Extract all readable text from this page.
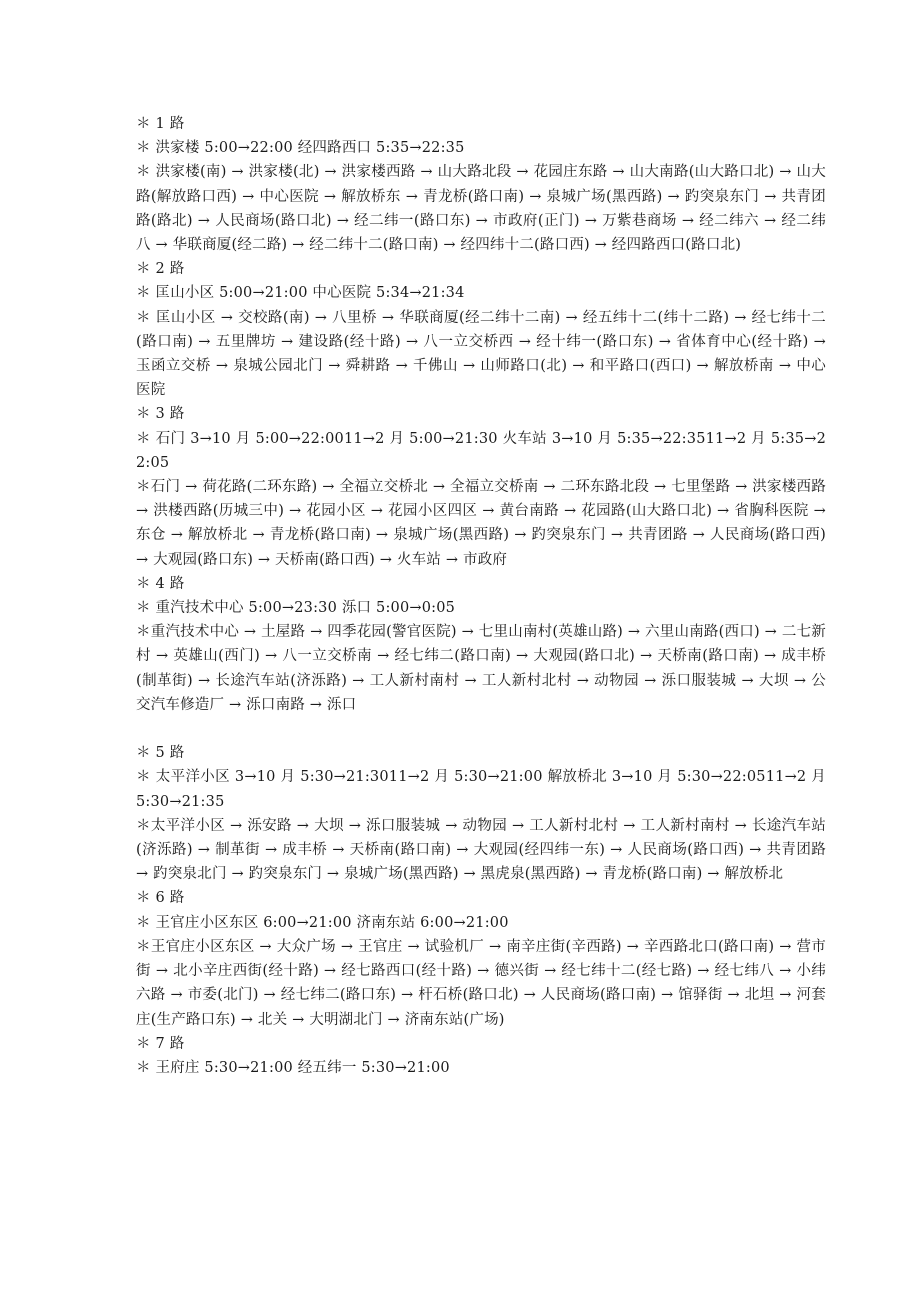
＊ 1 路

＊ 洪家楼 5:00→22:00 经四路西口 5:35→22:35

＊ 洪家楼(南) → 洪家楼(北) → 洪家楼西路 → 山大路北段 → 花园庄东路 → 山大南路(山大路口北) → 山大路(解放路口西) → 中心医院 → 解放桥东 → 青龙桥(路口南) → 泉城广场(黑西路) → 趵突泉东门 → 共青团路(路北) → 人民商场(路口北) → 经二纬一(路口东) → 市政府(正门) → 万紫巷商场 → 经二纬六 → 经二纬八 → 华联商厦(经二路) → 经二纬十二(路口南) → 经四纬十二(路口西) → 经四路西口(路口北)

＊ 2 路

＊ 匡山小区 5:00→21:00 中心医院 5:34→21:34

＊ 匡山小区 → 交校路(南) → 八里桥 → 华联商厦(经二纬十二南) → 经五纬十二(纬十二路) → 经七纬十二(路口南) → 五里牌坊 → 建设路(经十路) → 八一立交桥西 → 经十纬一(路口东) → 省体育中心(经十路) → 玉函立交桥 → 泉城公园北门 → 舜耕路 → 千佛山 → 山师路口(北) → 和平路口(西口) → 解放桥南 → 中心医院

＊ 3 路

＊ 石门 3→10 月 5:00→22:0011→2 月 5:00→21:30 火车站 3→10 月 5:35→22:3511→2 月 5:35→22:05

＊石门 → 荷花路(二环东路) → 全福立交桥北 → 全福立交桥南 → 二环东路北段 → 七里堡路 → 洪家楼西路 → 洪楼西路(历城三中) → 花园小区 → 花园小区四区 → 黄台南路 → 花园路(山大路口北) → 省胸科医院 → 东仓 → 解放桥北 → 青龙桥(路口南) → 泉城广场(黑西路) → 趵突泉东门 → 共青团路 → 人民商场(路口西) → 大观园(路口东) → 天桥南(路口西) → 火车站 → 市政府

＊ 4 路

＊ 重汽技术中心 5:00→23:30 泺口 5:00→0:05

＊重汽技术中心 → 土屋路 → 四季花园(警官医院) → 七里山南村(英雄山路) → 六里山南路(西口) → 二七新村 → 英雄山(西门) → 八一立交桥南 → 经七纬二(路口南) → 大观园(路口北) → 天桥南(路口南) → 成丰桥(制革街) → 长途汽车站(济泺路) → 工人新村南村 → 工人新村北村 → 动物园 → 泺口服装城 → 大坝 → 公交汽车修造厂 → 泺口南路 → 泺口

＊ 5 路

＊ 太平洋小区 3→10 月 5:30→21:3011→2 月 5:30→21:00 解放桥北 3→10 月 5:30→22:0511→2 月 5:30→21:35

＊太平洋小区 → 泺安路 → 大坝 → 泺口服装城 → 动物园 → 工人新村北村 → 工人新村南村 → 长途汽车站(济泺路) → 制革街 → 成丰桥 → 天桥南(路口南) → 大观园(经四纬一东) → 人民商场(路口西) → 共青团路 → 趵突泉北门 → 趵突泉东门 → 泉城广场(黑西路) → 黑虎泉(黑西路) → 青龙桥(路口南) → 解放桥北

＊ 6 路

＊ 王官庄小区东区 6:00→21:00 济南东站 6:00→21:00

＊王官庄小区东区 → 大众广场 → 王官庄 → 试验机厂 → 南辛庄街(辛西路) → 辛西路北口(路口南) → 营市街 → 北小辛庄西街(经十路) → 经七路西口(经十路) → 德兴街 → 经七纬十二(经七路) → 经七纬八 → 小纬六路 → 市委(北门) → 经七纬二(路口东) → 杆石桥(路口北) → 人民商场(路口南) → 馆驿街 → 北坦 → 河套庄(生产路口东) → 北关 → 大明湖北门 → 济南东站(广场)

＊ 7 路

＊ 王府庄 5:30→21:00 经五纬一 5:30→21:00
